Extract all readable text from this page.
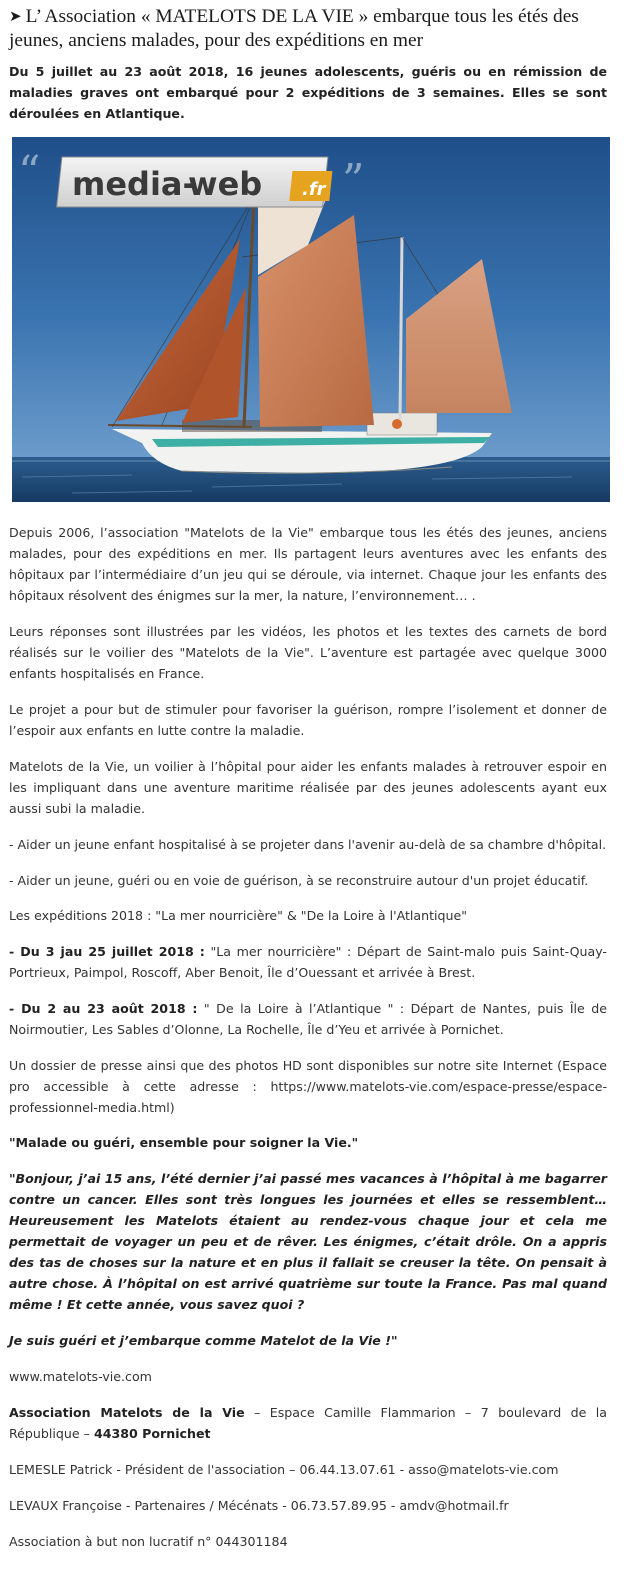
➤ L’ Association « MATELOTS DE LA VIE » embarque tous les étés des jeunes, anciens malades, pour des expéditions en mer
Du 5 juillet au 23 août 2018, 16 jeunes adolescents, guéris ou en rémission de maladies graves ont embarqué pour 2 expéditions de 3 semaines. Elles se sont déroulées en Atlantique.
“ media-
web .fr ”

Depuis 2006, l’association "Matelots de la Vie" embarque tous les étés des jeunes, anciens malades, pour des expéditions en mer. Ils partagent leurs aventures avec les enfants des hôpitaux par l’intermédiaire d’un jeu qui se déroule, via internet. Chaque jour les enfants des hôpitaux résolvent des énigmes sur la mer, la nature, l’environnement… .

Leurs réponses sont illustrées par les vidéos, les photos et les textes des carnets de bord réalisés sur le voilier des "Matelots de la Vie". L’aventure est partagée avec quelque 3000 enfants hospitalisés en France.

Le projet a pour but de stimuler pour favoriser la guérison, rompre l’isolement et donner de l’espoir aux enfants en lutte contre la maladie.

Matelots de la Vie, un voilier à l’hôpital pour aider les enfants malades à retrouver espoir en les impliquant dans une aventure maritime réalisée par des jeunes adolescents ayant eux aussi subi la maladie.

- Aider un jeune enfant hospitalisé à se projeter dans l'avenir au-delà de sa chambre d'hôpital.

- Aider un jeune, guéri ou en voie de guérison, à se reconstruire autour d'un projet éducatif.

Les expéditions 2018 : "La mer nourricière" & "De la Loire à l'Atlantique"

- Du 3 jau 25 juillet 2018 : "La mer nourricière" : Départ de Saint-malo puis Saint-Quay-Portrieux, Paimpol, Roscoff, Aber Benoit, Île d’Ouessant et arrivée à Brest.

- Du 2 au 23 août 2018 : " De la Loire à l’Atlantique " : Départ de Nantes, puis Île de Noirmoutier, Les Sables d’Olonne, La Rochelle, Île d’Yeu et arrivée à Pornichet.

Un dossier de presse ainsi que des photos HD sont disponibles sur notre site Internet (Espace pro accessible à cette adresse : https://www.matelots-vie.com/espace-presse/espace-professionnel-media.html)

"Malade ou guéri, ensemble pour soigner la Vie."

"Bonjour, j’ai 15 ans, l’été dernier j’ai passé mes vacances à l’hôpital à me bagarrer contre un cancer. Elles sont très longues les journées et elles se ressemblent… Heureusement les Matelots étaient au rendez-vous chaque jour et cela me permettait de voyager un peu et de rêver. Les énigmes, c’était drôle. On a appris des tas de choses sur la nature et en plus il fallait se creuser la tête. On pensait à autre chose. À l’hôpital on est arrivé quatrième sur toute la France. Pas mal quand même ! Et cette année, vous savez quoi ?

Je suis guéri et j’embarque comme Matelot de la Vie !"

www.matelots-vie.com

Association Matelots de la Vie – Espace Camille Flammarion – 7 boulevard de la République – 44380 Pornichet

LEMESLE Patrick - Président de l'association – 06.44.13.07.61 - asso@matelots-vie.com

LEVAUX Françoise - Partenaires / Mécénats - 06.73.57.89.95 - amdv@hotmail.fr

Association à but non lucratif n° 044301184
